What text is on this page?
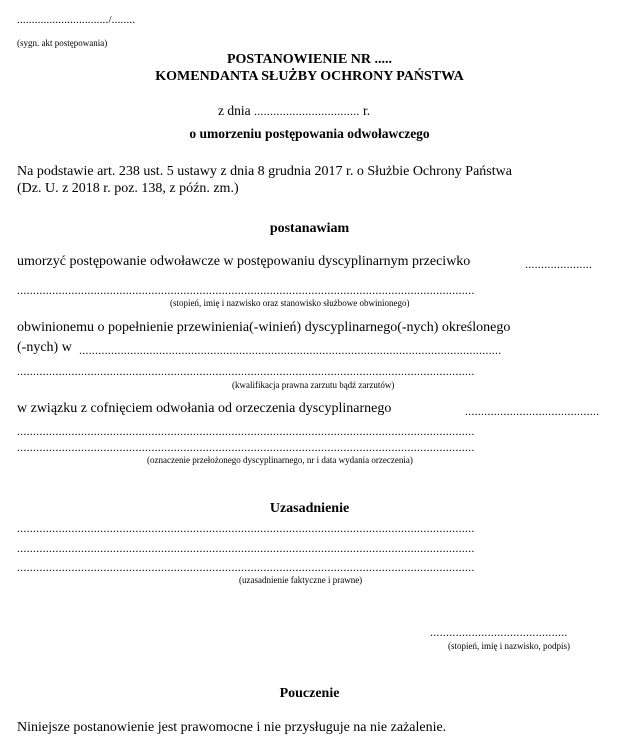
.............................../........
(sygn. akt postępowania)
POSTANOWIENIE NR .....
KOMENDANTA SŁUŻBY OCHRONY PAŃSTWA
z dnia ................................. r.
o umorzeniu postępowania odwoławczego
Na podstawie art. 238 ust. 5 ustawy z dnia 8 grudnia 2017 r. o Służbie Ochrony Państwa
(Dz. U. z 2018 r. poz. 138, z późn. zm.)
postanawiam
umorzyć postępowanie odwoławcze w postępowaniu dyscyplinarnym przeciwko	.....................
...............................................................................................................................................
(stopień, imię i nazwisko oraz stanowisko służbowe obwinionego)
obwinionemu o popełnienie przewinienia(-winień) dyscyplinarnego(-nych) określonego
(-nych) w ....................................................................................................................................
...............................................................................................................................................
(kwalifikacja prawna zarzutu bądź zarzutów)
w związku z cofnięciem odwołania od orzeczenia dyscyplinarnego	..........................................
...............................................................................................................................................
...............................................................................................................................................
(oznaczenie przełożonego dyscyplinarnego, nr i data wydania orzeczenia)
Uzasadnienie
...............................................................................................................................................
...............................................................................................................................................
...............................................................................................................................................
(uzasadnienie faktyczne i prawne)
...........................................
(stopień, imię i nazwisko, podpis)
Pouczenie
Niniejsze postanowienie jest prawomocne i nie przysługuje na nie zażalenie.
